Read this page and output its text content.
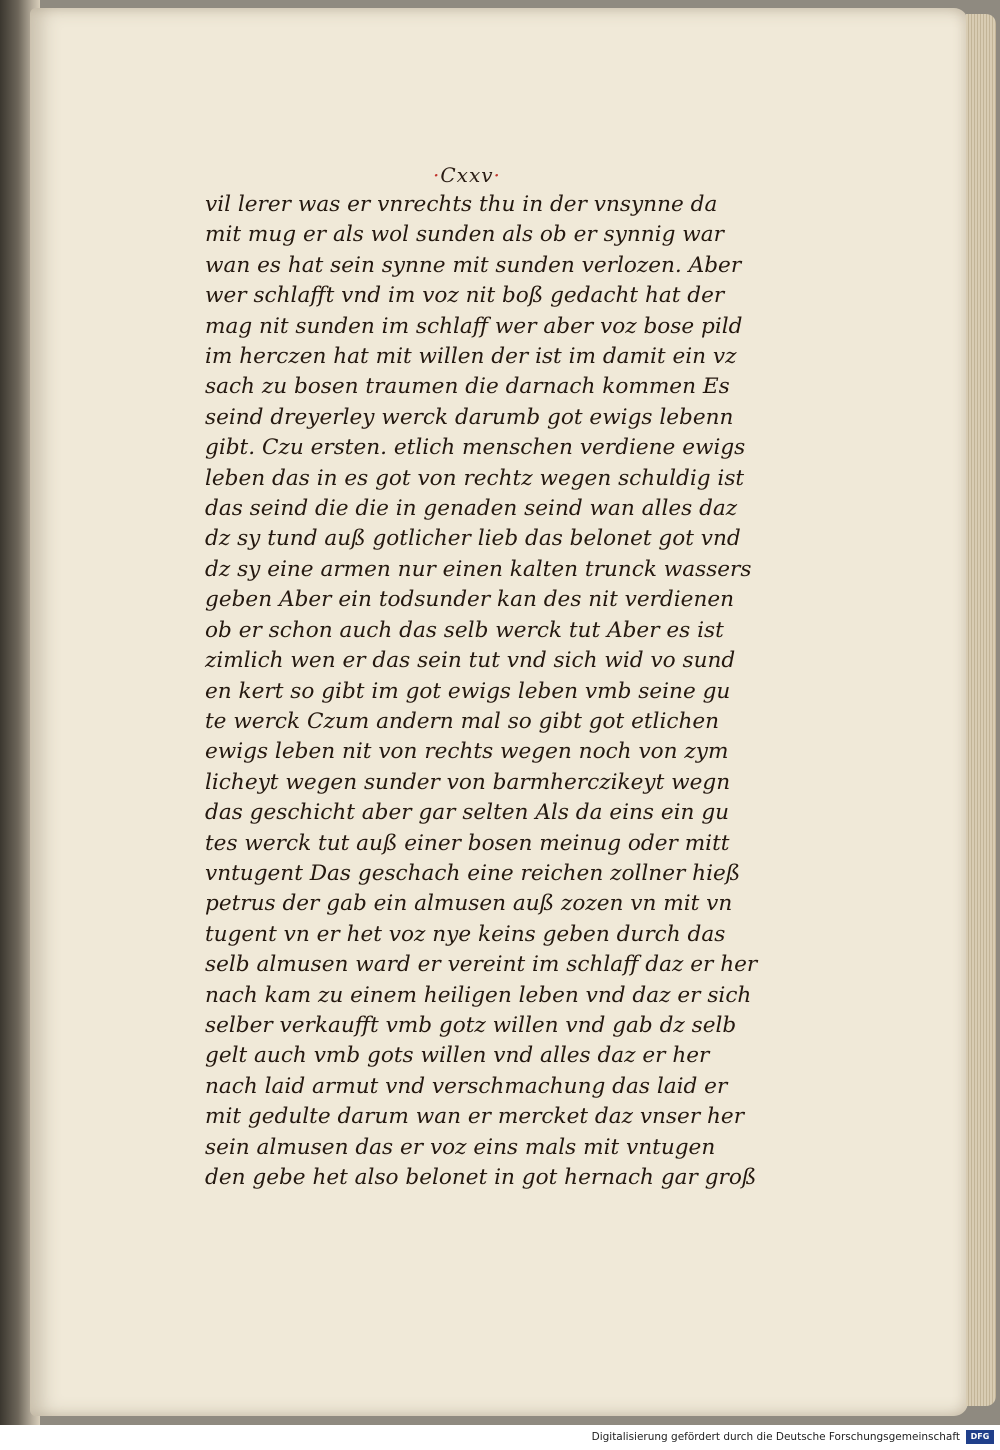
·Cxxv·
vil lerer was er vnrechts thu in der vnsynne da
mit mug er als wol sunden als ob er synnig war
wan es hat sein synne mit sunden verlozen. Aber
wer schlafft vnd im voz nit boß gedacht hat der
mag nit sunden im schlaff wer aber voz bose pild
im herczen hat mit willen der ist im damit ein vz
sach zu bosen traumen die darnach kommen Es
seind dreyerley werck darumb got ewigs lebenn
gibt. Czu ersten. etlich menschen verdiene ewigs
leben das in es got von rechtz wegen schuldig ist
das seind die die in genaden seind wan alles daz
dz sy tund auß gotlicher lieb das belonet got vnd
dz sy eine armen nur einen kalten trunck wassers
geben Aber ein todsunder kan des nit verdienen
ob er schon auch das selb werck tut Aber es ist
zimlich wen er das sein tut vnd sich wid vo sund
en kert so gibt im got ewigs leben vmb seine gu
te werck Czum andern mal so gibt got etlichen
ewigs leben nit von rechts wegen noch von zym
licheyt wegen sunder von barmherczikeyt wegn
das geschicht aber gar selten Als da eins ein gu
tes werck tut auß einer bosen meinug oder mitt
vntugent Das geschach eine reichen zollner hieß
petrus der gab ein almusen auß zozen vn mit vn
tugent vn er het voz nye keins geben durch das
selb almusen ward er vereint im schlaff daz er her
nach kam zu einem heiligen leben vnd daz er sich
selber verkaufft vmb gotz willen vnd gab dz selb
gelt auch vmb gots willen vnd alles daz er her
nach laid armut vnd verschmachung das laid er
mit gedulte darum wan er mercket daz vnser her
sein almusen das er voz eins mals mit vntugen
den gebe het also belonet in got hernach gar groß
Digitalisierung gefördert durch die Deutsche Forschungsgemeinschaft	DFG
